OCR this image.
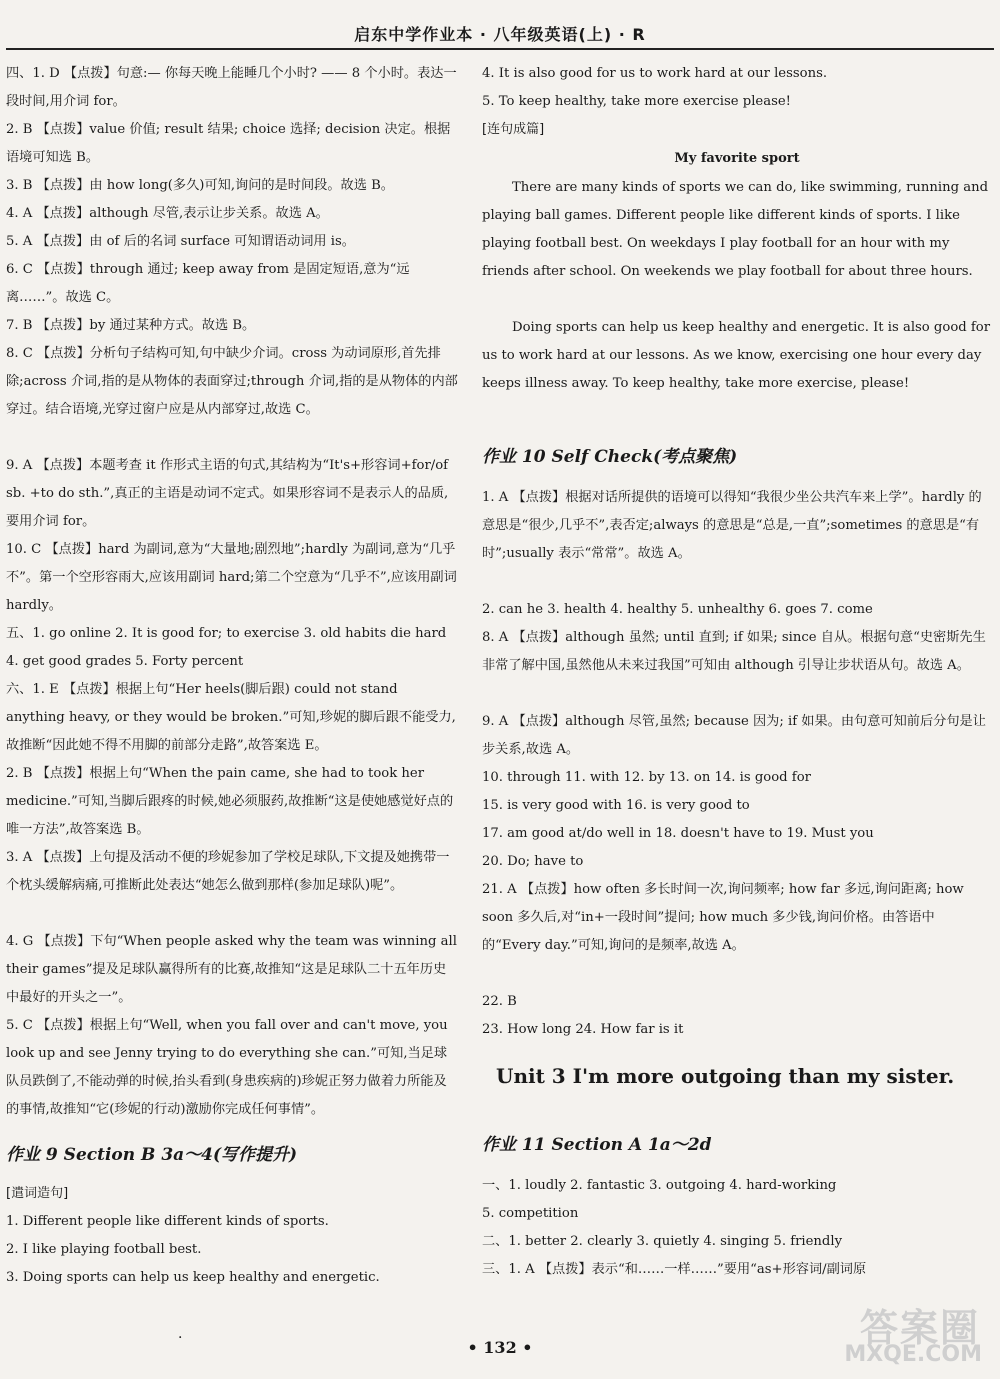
启东中学作业本 · 八年级英语(上) · R
四、1. D 【点拨】句意:— 你每天晚上能睡几个小时? —— 8 个小时。表达一段时间,用介词 for。
2. B 【点拨】value 价值; result 结果; choice 选择; decision 决定。根据语境可知选 B。
3. B 【点拨】由 how long(多久)可知,询问的是时间段。故选 B。
4. A 【点拨】although 尽管,表示让步关系。故选 A。
5. A 【点拨】由 of 后的名词 surface 可知谓语动词用 is。
6. C 【点拨】through 通过; keep away from 是固定短语,意为“远离……”。故选 C。
7. B 【点拨】by 通过某种方式。故选 B。
8. C 【点拨】分析句子结构可知,句中缺少介词。cross 为动词原形,首先排除;across 介词,指的是从物体的表面穿过;through 介词,指的是从物体的内部穿过。结合语境,光穿过窗户应是从内部穿过,故选 C。
9. A 【点拨】本题考查 it 作形式主语的句式,其结构为“It's+形容词+for/of sb. +to do sth.”,真正的主语是动词不定式。如果形容词不是表示人的品质,要用介词 for。
10. C 【点拨】hard 为副词,意为“大量地;剧烈地”;hardly 为副词,意为“几乎不”。第一个空形容雨大,应该用副词 hard;第二个空意为“几乎不”,应该用副词 hardly。
五、1. go online 2. It is good for; to exercise 3. old habits die hard 4. get good grades 5. Forty percent
六、1. E 【点拨】根据上句“Her heels(脚后跟) could not stand anything heavy, or they would be broken.”可知,珍妮的脚后跟不能受力,故推断“因此她不得不用脚的前部分走路”,故答案选 E。
2. B 【点拨】根据上句“When the pain came, she had to took her medicine.”可知,当脚后跟疼的时候,她必须服药,故推断“这是使她感觉好点的唯一方法”,故答案选 B。
3. A 【点拨】上句提及活动不便的珍妮参加了学校足球队,下文提及她携带一个枕头缓解病痛,可推断此处表达“她怎么做到那样(参加足球队)呢”。
4. G 【点拨】下句“When people asked why the team was winning all their games”提及足球队赢得所有的比赛,故推知“这是足球队二十五年历史中最好的开头之一”。
5. C 【点拨】根据上句“Well, when you fall over and can't move, you look up and see Jenny trying to do everything she can.”可知,当足球队员跌倒了,不能动弹的时候,抬头看到(身患疾病的)珍妮正努力做着力所能及的事情,故推知“它(珍妮的行动)激励你完成任何事情”。
作业 9 Section B 3a～4(写作提升)
[遣词造句]
1. Different people like different kinds of sports.
2. I like playing football best.
3. Doing sports can help us keep healthy and energetic.
4. It is also good for us to work hard at our lessons.
5. To keep healthy, take more exercise please!
[连句成篇]
My favorite sport
There are many kinds of sports we can do, like swimming, running and playing ball games. Different people like different kinds of sports. I like playing football best. On weekdays I play football for an hour with my friends after school. On weekends we play football for about three hours.
Doing sports can help us keep healthy and energetic. It is also good for us to work hard at our lessons. As we know, exercising one hour every day keeps illness away. To keep healthy, take more exercise, please!
作业 10 Self Check(考点聚焦)
1. A 【点拨】根据对话所提供的语境可以得知“我很少坐公共汽车来上学”。hardly 的意思是“很少,几乎不”,表否定;always 的意思是“总是,一直”;sometimes 的意思是“有时”;usually 表示“常常”。故选 A。
2. can he 3. health 4. healthy 5. unhealthy 6. goes 7. come
8. A 【点拨】although 虽然; until 直到; if 如果; since 自从。根据句意“史密斯先生非常了解中国,虽然他从未来过我国”可知由 although 引导让步状语从句。故选 A。
9. A 【点拨】although 尽管,虽然; because 因为; if 如果。由句意可知前后分句是让步关系,故选 A。
10. through 11. with 12. by 13. on 14. is good for
15. is very good with 16. is very good to
17. am good at/do well in 18. doesn't have to 19. Must you
20. Do; have to
21. A 【点拨】how often 多长时间一次,询问频率; how far 多远,询问距离; how soon 多久后,对“in+一段时间”提问; how much 多少钱,询问价格。由答语中的“Every day.”可知,询问的是频率,故选 A。
22. B
23. How long 24. How far is it
Unit 3 I'm more outgoing than my sister.
作业 11 Section A 1a～2d
一、1. loudly 2. fantastic 3. outgoing 4. hard-working
5. competition
二、1. better 2. clearly 3. quietly 4. singing 5. friendly
三、1. A 【点拨】表示“和……一样……”要用“as+形容词/副词原
·	• 132 •	答案圈
MXQE.COM
